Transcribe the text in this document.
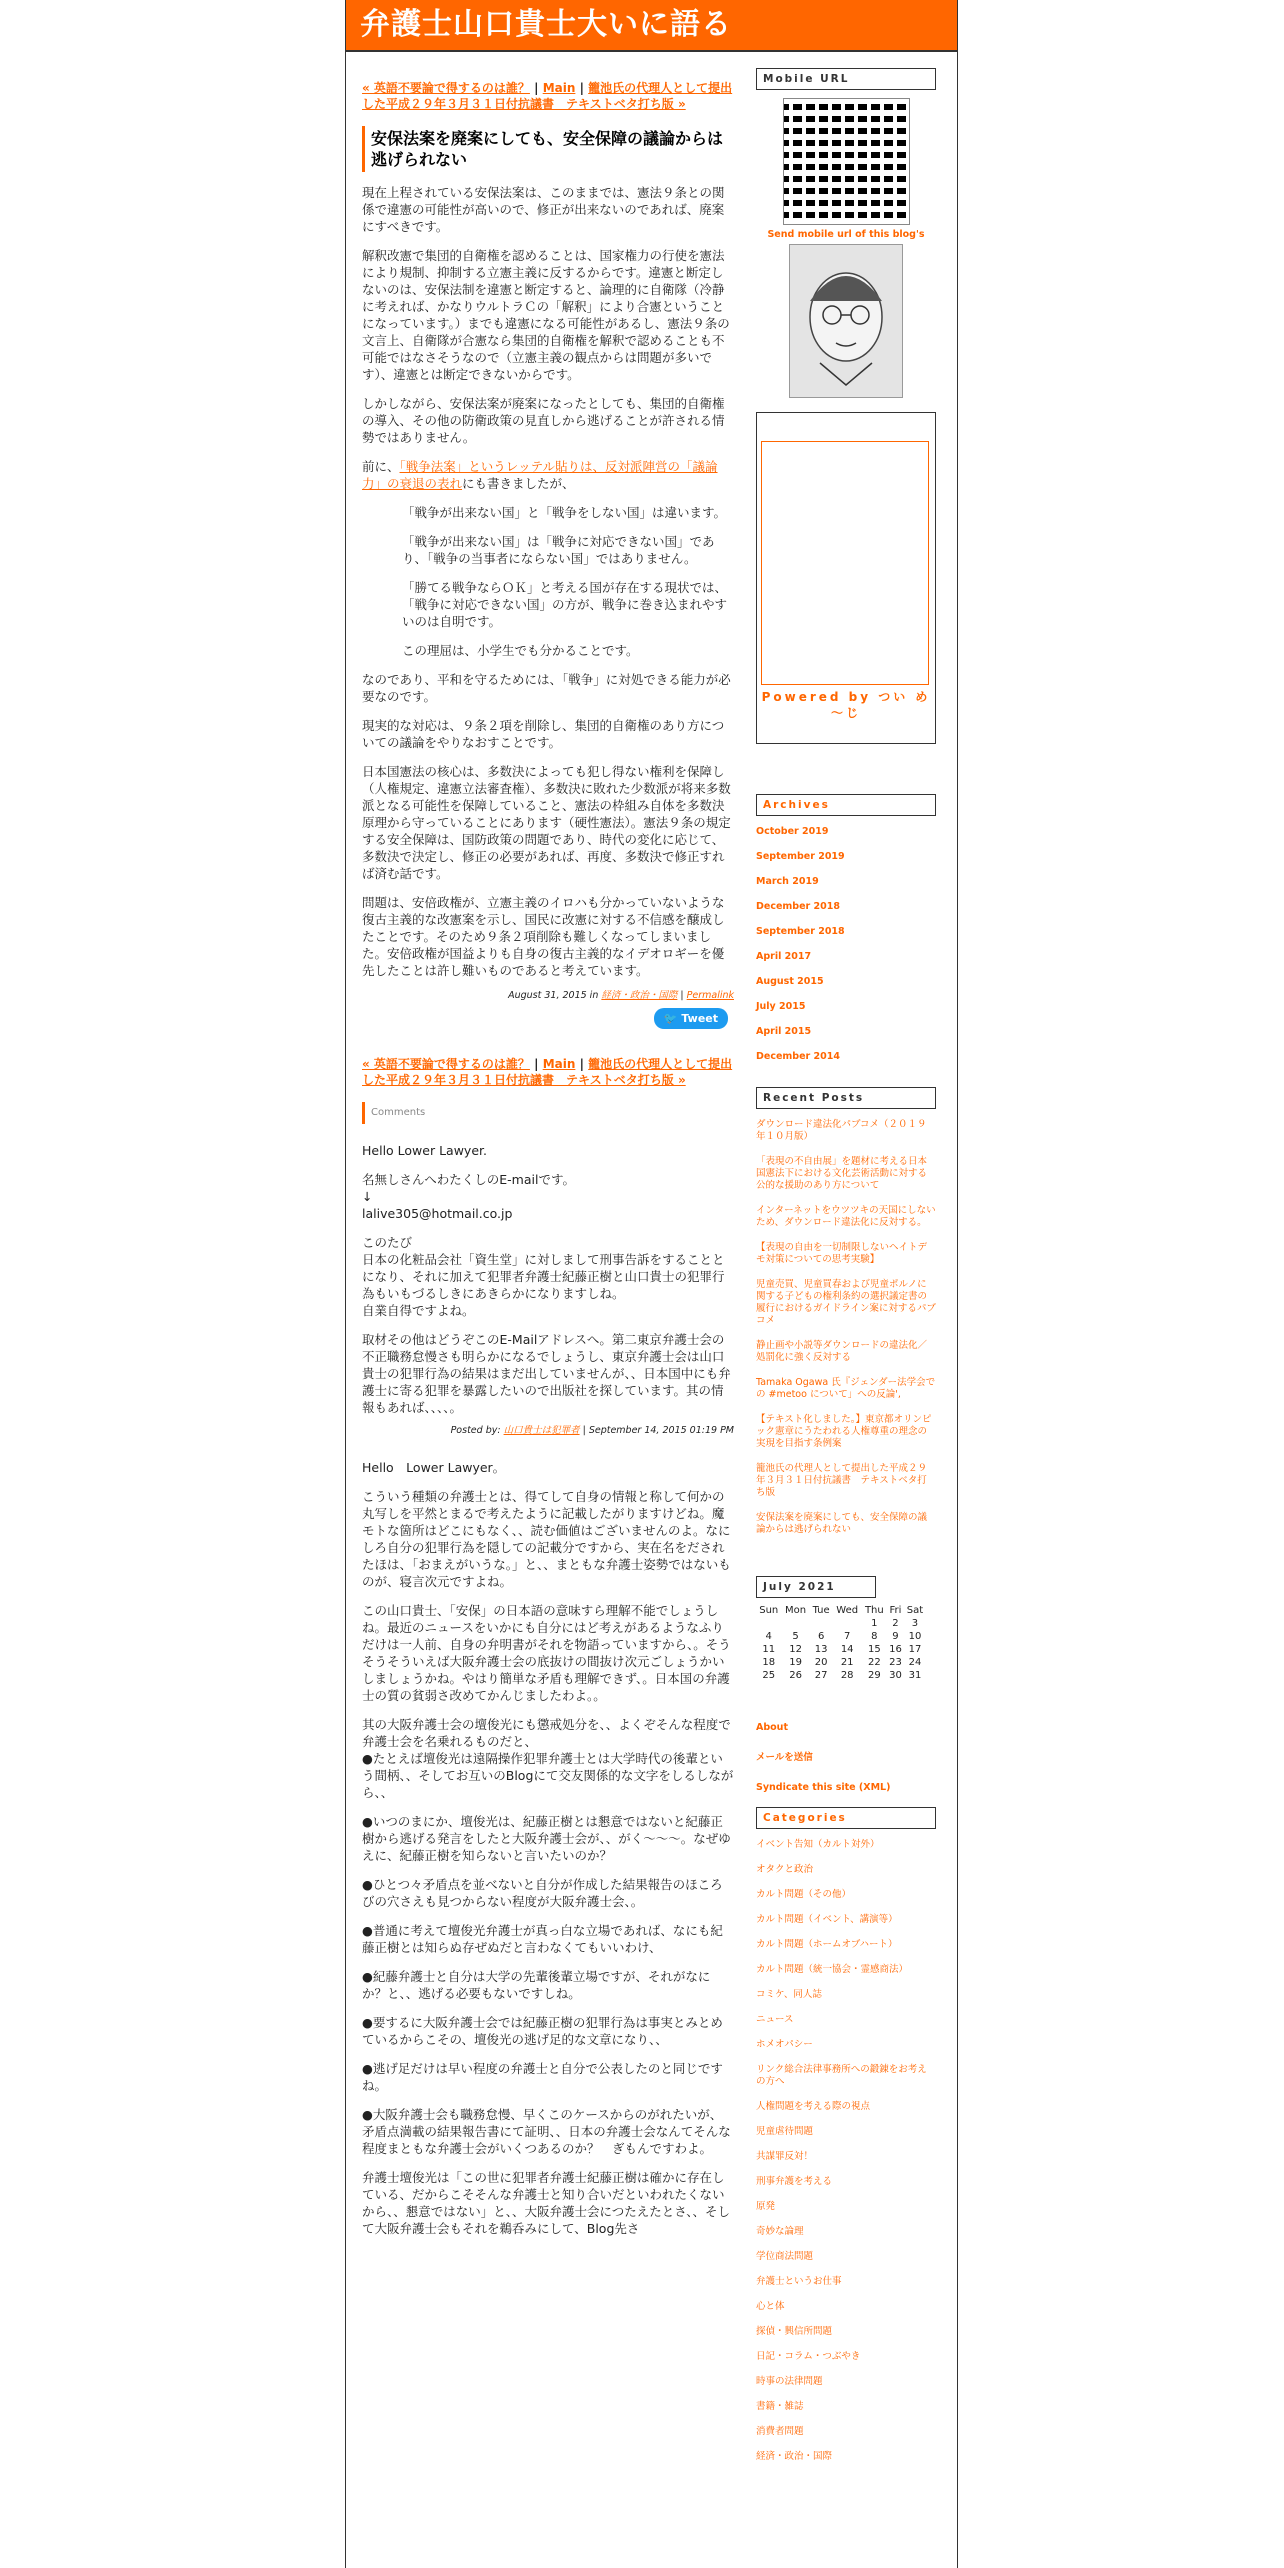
弁護士山口貴士大いに語る
« 英語不要論で得するのは誰？ | Main | 籠池氏の代理人として提出した平成２９年３月３１日付抗議書　テキストベタ打ち版 »
安保法案を廃案にしても、安全保障の議論からは逃げられない

現在上程されている安保法案は、このままでは、憲法９条との関係で違憲の可能性が高いので、修正が出来ないのであれば、廃案にすべきです。

解釈改憲で集団的自衛権を認めることは、国家権力の行使を憲法により規制、抑制する立憲主義に反するからです。違憲と断定しないのは、安保法制を違憲と断定すると、論理的に自衛隊（冷静に考えれば、かなりウルトラＣの「解釈」により合憲ということになっています。）までも違憲になる可能性があるし、憲法９条の文言上、自衛隊が合憲なら集団的自衛権を解釈で認めることも不可能ではなさそうなので（立憲主義の観点からは問題が多いです）、違憲とは断定できないからです。

しかしながら、安保法案が廃案になったとしても、集団的自衛権の導入、その他の防衛政策の見直しから逃げることが許される情勢ではありません。

前に、「戦争法案」というレッテル貼りは、反対派陣営の「議論力」の衰退の表れにも書きましたが、

「戦争が出来ない国」と「戦争をしない国」は違います。

「戦争が出来ない国」は「戦争に対応できない国」であり、「戦争の当事者にならない国」ではありません。

「勝てる戦争ならＯＫ」と考える国が存在する現状では、「戦争に対応できない国」の方が、戦争に巻き込まれやすいのは自明です。

この理屈は、小学生でも分かることです。

なのであり、平和を守るためには、「戦争」に対処できる能力が必要なのです。

現実的な対応は、９条２項を削除し、集団的自衛権のあり方についての議論をやりなおすことです。

日本国憲法の核心は、多数決によっても犯し得ない権利を保障し（人権規定、違憲立法審査権）、多数決に敗れた少数派が将来多数派となる可能性を保障していること、憲法の枠組み自体を多数決原理から守っていることにあります（硬性憲法）。憲法９条の規定する安全保障は、国防政策の問題であり、時代の変化に応じて、多数決で決定し、修正の必要があれば、再度、多数決で修正すれば済む話です。

問題は、安倍政権が、立憲主義のイロハも分かっていないような復古主義的な改憲案を示し、国民に改憲に対する不信感を醸成したことです。そのため９条２項削除も難しくなってしまいました。安倍政権が国益よりも自身の復古主義的なイデオロギーを優先したことは許し難いものであると考えています。

August 31, 2015 in 経済・政治・国際 | Permalink
🐦 Tweet
« 英語不要論で得するのは誰？ | Main | 籠池氏の代理人として提出した平成２９年３月３１日付抗議書　テキストベタ打ち版 »
Comments

Hello Lower Lawyer.

名無しさんへわたくしのE-mailです。

↓

lalive305@hotmail.co.jp

このたび

日本の化粧品会社「資生堂」に対しまして刑事告訴をすることとになり、それに加えて犯罪者弁護士紀藤正樹と山口貴士の犯罪行為もいもづるしきにあきらかになりますしね。

自業自得ですよね。

取材その他はどうぞこのE-Mailアドレスへ。第二東京弁護士会の不正職務怠慢さも明らかになるでしょうし、東京弁護士会は山口貴士の犯罪行為の結果はまだ出していませんが、、日本国中にも弁護士に寄る犯罪を暴露したいので出版社を探しています。其の情報もあれば、、、、。

Posted by: 山口貴士は犯罪者 | September 14, 2015 01:19 PM

Hello　Lower Lawyer。

こういう種類の弁護士とは、得てして自身の情報と称して何かの丸写しを平然とまるで考えたように記載したがりますけどね。魔モトな箇所はどこにもなく、、読む価値はございませんのよ。なにしろ自分の犯罪行為を隠しての記載分ですから、実在名をだされたほは、「おまえがいうな。」と、、まともな弁護士姿勢ではないものが、寝言次元ですよね。

この山口貴士、「安保」の日本語の意味すら理解不能でしょうしね。最近のニュースをいかにも自分にはど考えがあるようなふりだけは一人前、自身の弁明書がそれを物語っていますから、。そうそうそういえば大阪弁護士会の底抜けの間抜け次元ごしょうかいしましょうかね。やはり簡単な矛盾も理解できず、。日本国の弁護士の質の貧弱さ改めてかんじましたわよ。。

其の大阪弁護士会の壇俊光にも懲戒処分を、、よくぞそんな程度で弁護士会を名乗れるものだと、

●たとえば壇俊光は遠隔操作犯罪弁護士とは大学時代の後輩という間柄、、そしてお互いのBlogにて交友関係的な文字をしるしながら、、

●いつのまにか、壇俊光は、紀藤正樹とは懇意ではないと紀藤正樹から逃げる発言をしたと大阪弁護士会が、、がく～～～。なぜゆえに、紀藤正樹を知らないと言いたいのか？

●ひとつ々矛盾点を並べないと自分が作成した結果報告のほころびの穴さえも見つからない程度が大阪弁護士会、。

●普通に考えて壇俊光弁護士が真っ白な立場であれば、なにも紀藤正樹とは知らぬ存ぜぬだと言わなくてもいいわけ、

●紀藤弁護士と自分は大学の先輩後輩立場ですが、それがなにか？と、、逃げる必要もないですしね。

●要するに大阪弁護士会では紀藤正樹の犯罪行為は事実とみとめているからこその、壇俊光の逃げ足的な文章になり、、

●逃げ足だけは早い程度の弁護士と自分で公表したのと同じですね。

●大阪弁護士会も職務怠慢、早くこのケースからのがれたいが、矛盾点満載の結果報告書にて証明、、日本の弁護士会なんてそんな程度まともな弁護士会がいくつあるのか？　ぎもんですわよ。

弁護士壇俊光は「この世に犯罪者弁護士紀藤正樹は確かに存在している、だからこそそんな弁護士と知り合いだといわれたくないから、、懇意ではない」と、、大阪弁護士会につたえたとさ、、そして大阪弁護士会もそれを鵜呑みにして、Blog先さ

Mobile URL
Send mobile url of this blog's
Powered by つい め～じ
Archives
October 2019
September 2019
March 2019
December 2018
September 2018
April 2017
August 2015
July 2015
April 2015
December 2014
Recent Posts
ダウンロード違法化パブコメ（２０１９年１０月版）
「表現の不自由展」を題材に考える日本国憲法下における文化芸術活動に対する公的な援助のあり方について
インターネットをウツツキの天国にしないため、ダウンロード違法化に反対する。
【表現の自由を一切制限しないヘイトデモ対策についての思考実験】
児童売買、児童買春および児童ポルノに関する子どもの権利条約の選択議定書の履行におけるガイドライン案に対するパブコメ
静止画や小説等ダウンロードの違法化／処罰化に強く反対する
Tamaka Ogawa 氏『ジェンダー法学会での #metoo について」への反論',
【テキスト化しました。】東京都オリンピック憲章にうたわれる人権尊重の理念の実現を目指す条例案
籠池氏の代理人として提出した平成２９年３月３１日付抗議書　テキストベタ打ち版
安保法案を廃案にしても、安全保障の議論からは逃げられない
July 2021
Sun	Mon	Tue	Wed	Thu	Fri	Sat
				1	2	3
4	5	6	7	8	9	10
11	12	13	14	15	16	17
18	19	20	21	22	23	24
25	26	27	28	29	30	31
About
メールを送信
Syndicate this site (XML)
Categories
イベント告知（カルト対外）
オタクと政治
カルト問題（その他）
カルト問題（イベント、講演等）
カルト問題（ホームオブハート）
カルト問題（統一協会・霊感商法）
コミケ、同人誌
ニュース
ホメオパシー
リンク総合法律事務所への鍛錬をお考えの方へ
人権問題を考える際の視点
児童虐待問題
共謀罪反対！
刑事弁護を考える
原発
奇妙な論理
学位商法問題
弁護士というお仕事
心と体
探偵・興信所問題
日記・コラム・つぶやき
時事の法律問題
書籍・雑誌
消費者問題
経済・政治・国際
